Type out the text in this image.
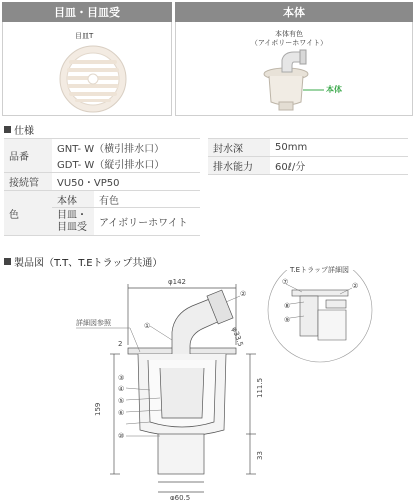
目皿・目皿受	本体
目皿T	本体有色
（アイボリーホワイト）
本体
仕様
品番	GNT- W（横引排水口）	
	GDT- W（縦引排水口）	
接続管	VU50・VP50	
色	本体	有色

	目皿・
目皿受	アイボリーホワイト
封水深	50mm
排水能力	60ℓ/分
製品図（T.T、T.Eトラップ共通）
φ142
φ33.5
φ60.5
159
111.5
33
2
詳細図参照	①
②
③
④
⑤
⑥
⑩
⑦
⑧
⑨
②
T.Eトラップ詳細図
